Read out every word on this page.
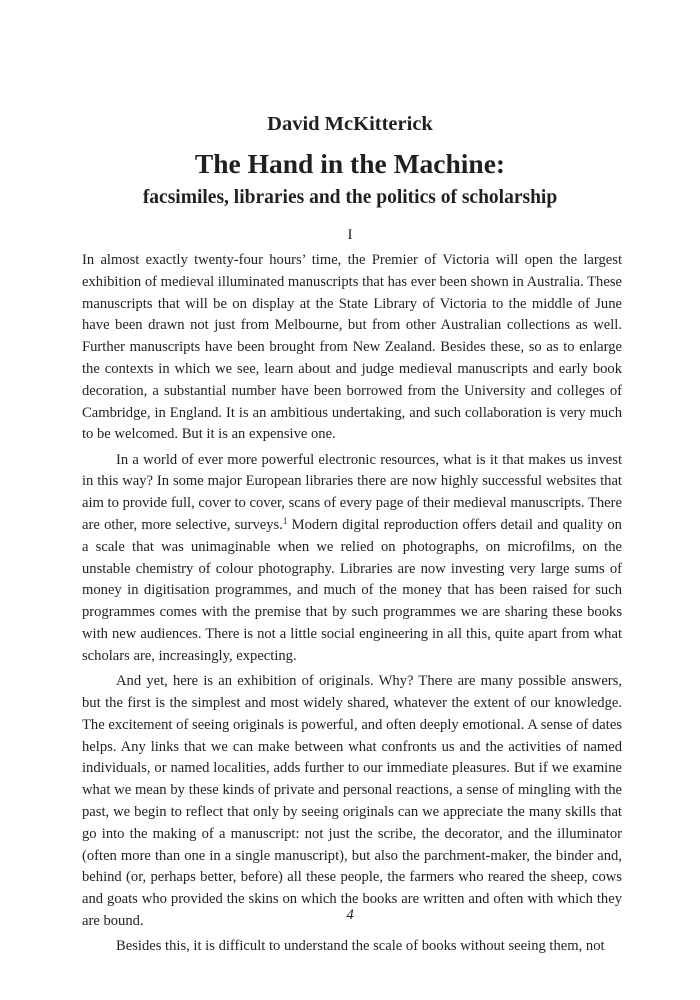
David McKitterick
The Hand in the Machine:
facsimiles, libraries and the politics of scholarship
I

In almost exactly twenty-four hours’ time, the Premier of Victoria will open the largest exhibition of medieval illuminated manuscripts that has ever been shown in Australia. These manuscripts that will be on display at the State Library of Victoria to the middle of June have been drawn not just from Melbourne, but from other Australian collections as well. Further manuscripts have been brought from New Zealand. Besides these, so as to enlarge the contexts in which we see, learn about and judge medieval manuscripts and early book decoration, a substantial number have been borrowed from the University and colleges of Cambridge, in England. It is an ambitious undertaking, and such collaboration is very much to be welcomed. But it is an expensive one.

In a world of ever more powerful electronic resources, what is it that makes us invest in this way? In some major European libraries there are now highly successful websites that aim to provide full, cover to cover, scans of every page of their medieval manuscripts. There are other, more selective, surveys.$^1$ Modern digital reproduction offers detail and quality on a scale that was unimaginable when we relied on photographs, on microfilms, on the unstable chemistry of colour photography. Libraries are now investing very large sums of money in digitisation programmes, and much of the money that has been raised for such programmes comes with the premise that by such programmes we are sharing these books with new audiences. There is not a little social engineering in all this, quite apart from what scholars are, increasingly, expecting.

And yet, here is an exhibition of originals. Why? There are many possible answers, but the first is the simplest and most widely shared, whatever the extent of our knowledge. The excitement of seeing originals is powerful, and often deeply emotional. A sense of dates helps. Any links that we can make between what confronts us and the activities of named individuals, or named localities, adds further to our immediate pleasures. But if we examine what we mean by these kinds of private and personal reactions, a sense of mingling with the past, we begin to reflect that only by seeing originals can we appreciate the many skills that go into the making of a manuscript: not just the scribe, the decorator, and the illuminator (often more than one in a single manuscript), but also the parchment-maker, the binder and, behind (or, perhaps better, before) all these people, the farmers who reared the sheep, cows and goats who provided the skins on which the books are written and often with which they are bound.

Besides this, it is difficult to understand the scale of books without seeing them, not

4
